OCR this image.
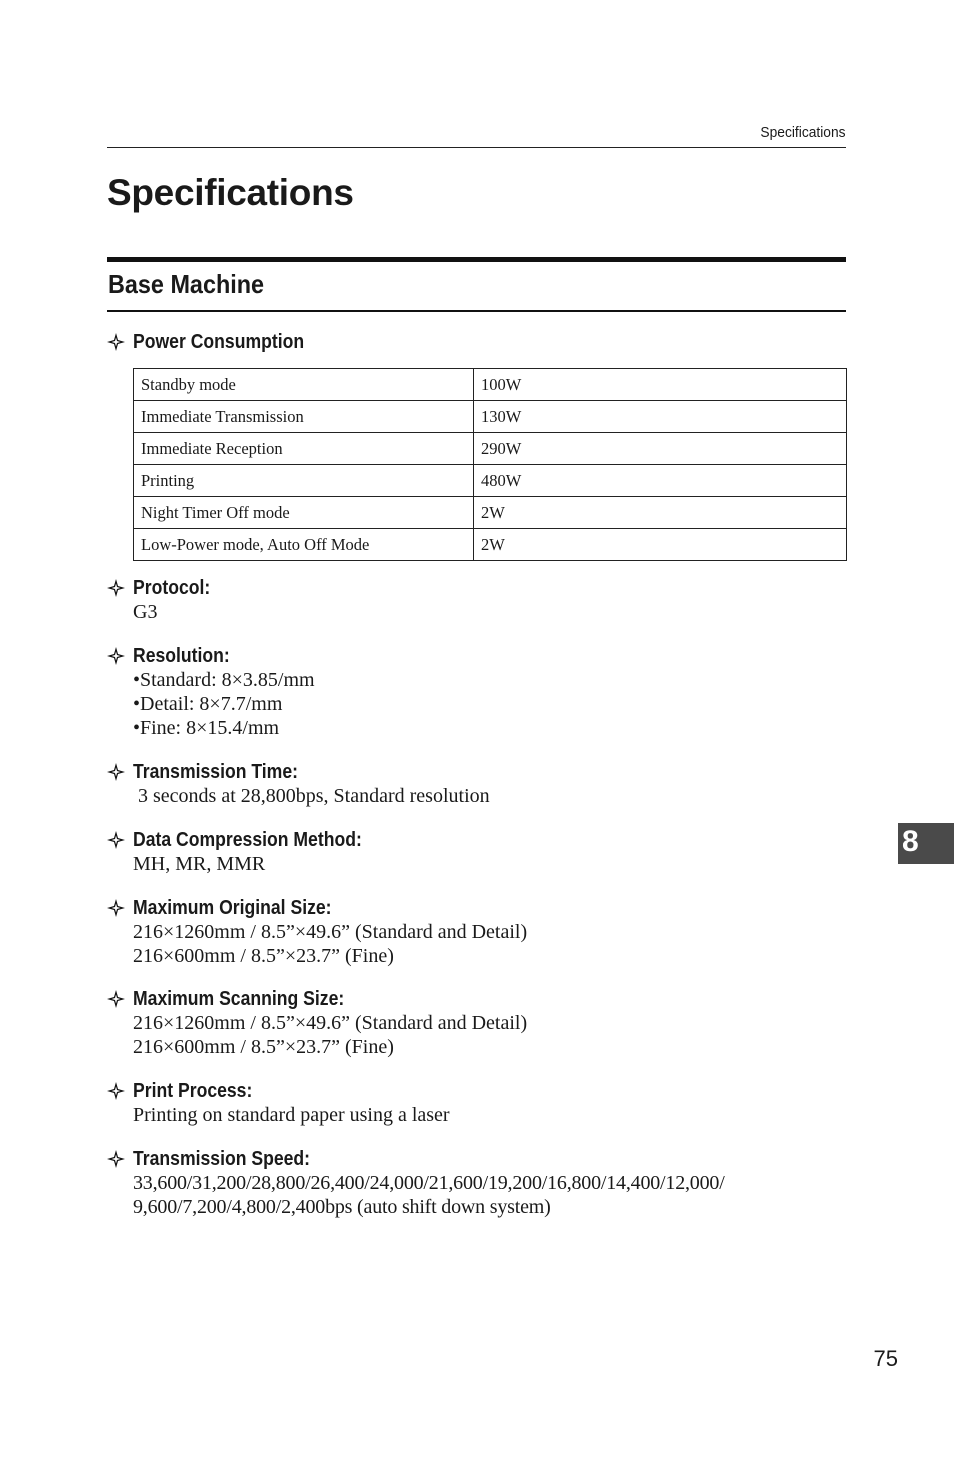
Specifications
Specifications
Base Machine
Power Consumption
Standby mode	100W
Immediate Transmission	130W
Immediate Reception	290W
Printing	480W
Night Timer Off mode	2W
Low-Power mode, Auto Off Mode	2W
Protocol:
G3
Resolution:
•Standard: 8×3.85/mm
•Detail: 8×7.7/mm
•Fine: 8×15.4/mm
Transmission Time:
3 seconds at 28,800bps, Standard resolution
Data Compression Method:
MH, MR, MMR
Maximum Original Size:
216×1260mm / 8.5”×49.6” (Standard and Detail)
216×600mm / 8.5”×23.7” (Fine)
Maximum Scanning Size:
216×1260mm / 8.5”×49.6” (Standard and Detail)
216×600mm / 8.5”×23.7” (Fine)
Print Process:
Printing on standard paper using a laser
Transmission Speed:
33,600/31,200/28,800/26,400/24,000/21,600/19,200/16,800/14,400/12,000/
9,600/7,200/4,800/2,400bps (auto shift down system)
8
75
